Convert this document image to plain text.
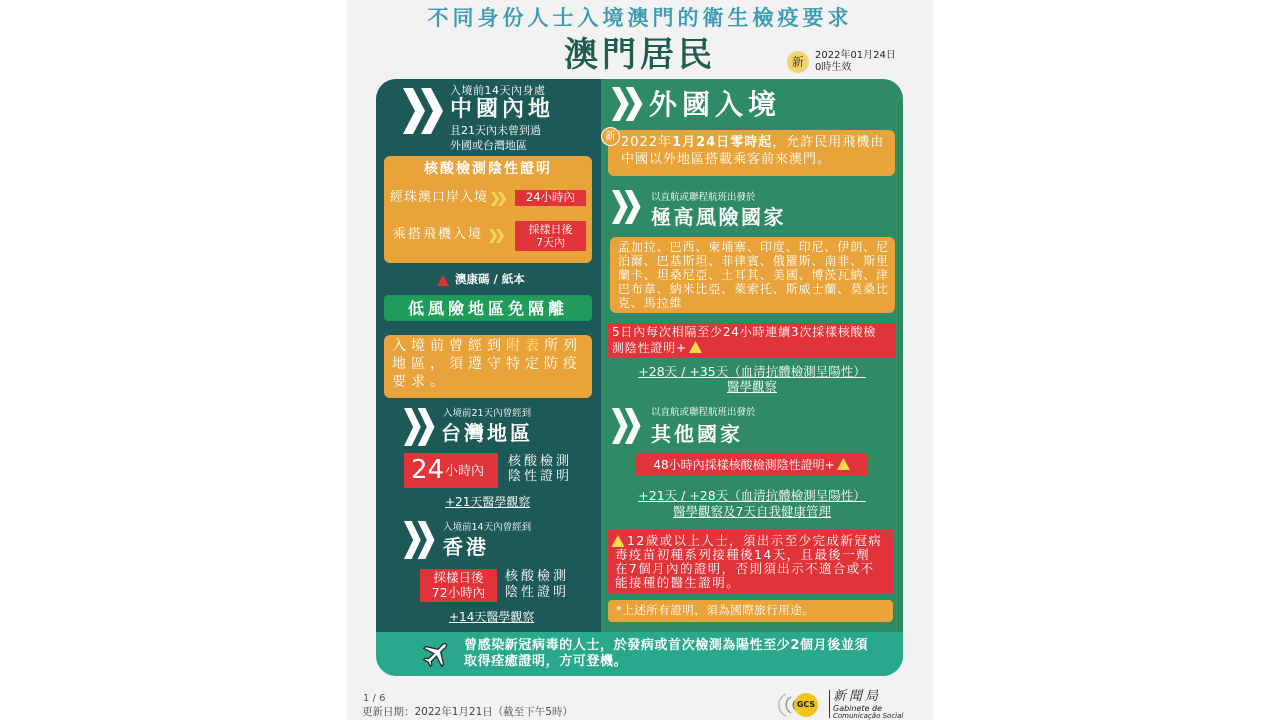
不同身份人士入境澳門的衛生檢疫要求
澳門居民	新	2022年01月24日
0時生效
入境前14天內身處
中國內地
且21天內未曾到過
外國或台灣地區
核酸檢測陰性證明
經珠澳口岸入境	24小時內
乘搭飛機入境	採樣日後
7天內
澳康碼 / 紙本
低風險地區免隔離
入境前曾經到附表所列
地區，須遵守特定防疫
要求。
入境前21天內曾經到
台灣地區
24 小時內
核酸檢測
陰性證明
+21天醫學觀察
入境前14天內曾經到
香港
採樣日後
72小時內
核酸檢測
陰性證明
+14天醫學觀察
外國入境
2022年1月24日零時起，允許民用飛機由
中國以外地區搭載乘客前來澳門。
新
以直航或聯程航班出發於
極高風險國家
孟加拉、巴西、柬埔寨、印度、印尼、伊朗、尼
泊爾、巴基斯坦、菲律賓、俄羅斯、南非、斯里
蘭卡、坦桑尼亞、土耳其、美國、博茨瓦納、津
巴布韋、納米比亞、萊索托、斯威士蘭、莫桑比
克、馬拉維
5日內每次相隔至少24小時連續3次採樣核酸檢
測陰性證明+
+28天 / +35天（血清抗體檢測呈陽性）
醫學觀察
以直航或聯程航班出發於
其他國家
48小時內採樣核酸檢測陰性證明+
+21天 / +28天（血清抗體檢測呈陽性）
醫學觀察及7天自我健康管理
12歲或以上人士，須出示至少完成新冠病
毒疫苗初種系列接種後14天，且最後一劑
在7個月內的證明，否則須出示不適合或不
能接種的醫生證明。
*上述所有證明，須為國際旅行用途。
曾感染新冠病毒的人士，於發病或首次檢測為陽性至少2個月後並須
取得痊癒證明，方可登機。
1 / 6
更新日期：2022年1月21日（截至下午5時）
GCS
新聞局
Gabinete de
Comunicação Social
